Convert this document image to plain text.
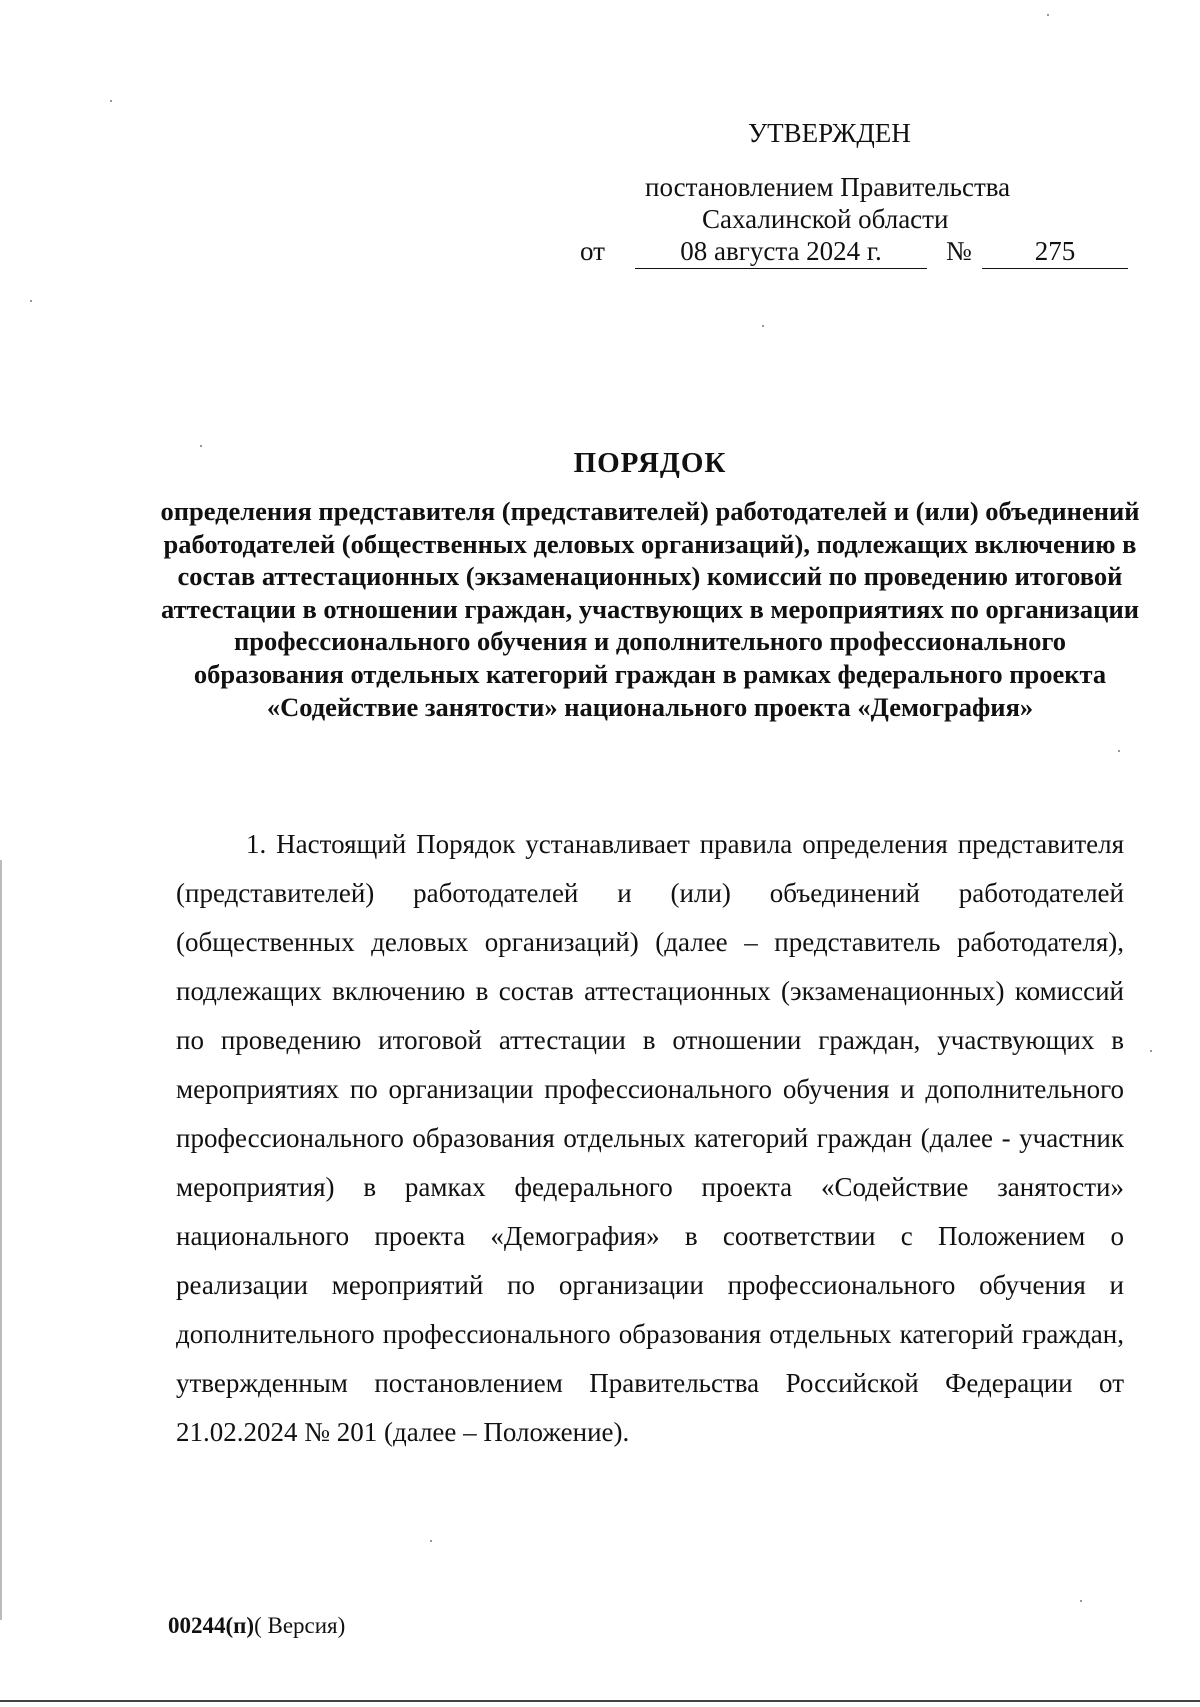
УТВЕРЖДЕН
постановлением Правительства
Сахалинской области
от	08 августа 2024 г.	№	275
ПОРЯДОК
определения представителя (представителей) работодателей и (или) объединений работодателей (общественных деловых организаций), подлежащих включению в состав аттестационных (экзаменационных) комиссий по проведению итоговой аттестации в отношении граждан, участвующих в мероприятиях по организации профессионального обучения и дополнительного профессионального образования отдельных категорий граждан в рамках федерального проекта «Содействие занятости» национального проекта «Демография»
1. Настоящий Порядок устанавливает правила определения представителя (представителей) работодателей и (или) объединений работодателей (общественных деловых организаций) (далее – представитель работодателя), подлежащих включению в состав аттестационных (экзаменационных) комиссий по проведению итоговой аттестации в отношении граждан, участвующих в мероприятиях по организации профессионального обучения и дополнительного профессионального образования отдельных категорий граждан (далее - участник мероприятия) в рамках федерального проекта «Содействие занятости» национального проекта «Демография» в соответствии с Положением о реализации мероприятий по организации профессионального обучения и дополнительного профессионального образования отдельных категорий граждан, утвержденным постановлением Правительства Российской Федерации от 21.02.2024 № 201 (далее – Положение).
00244(п)( Версия)
